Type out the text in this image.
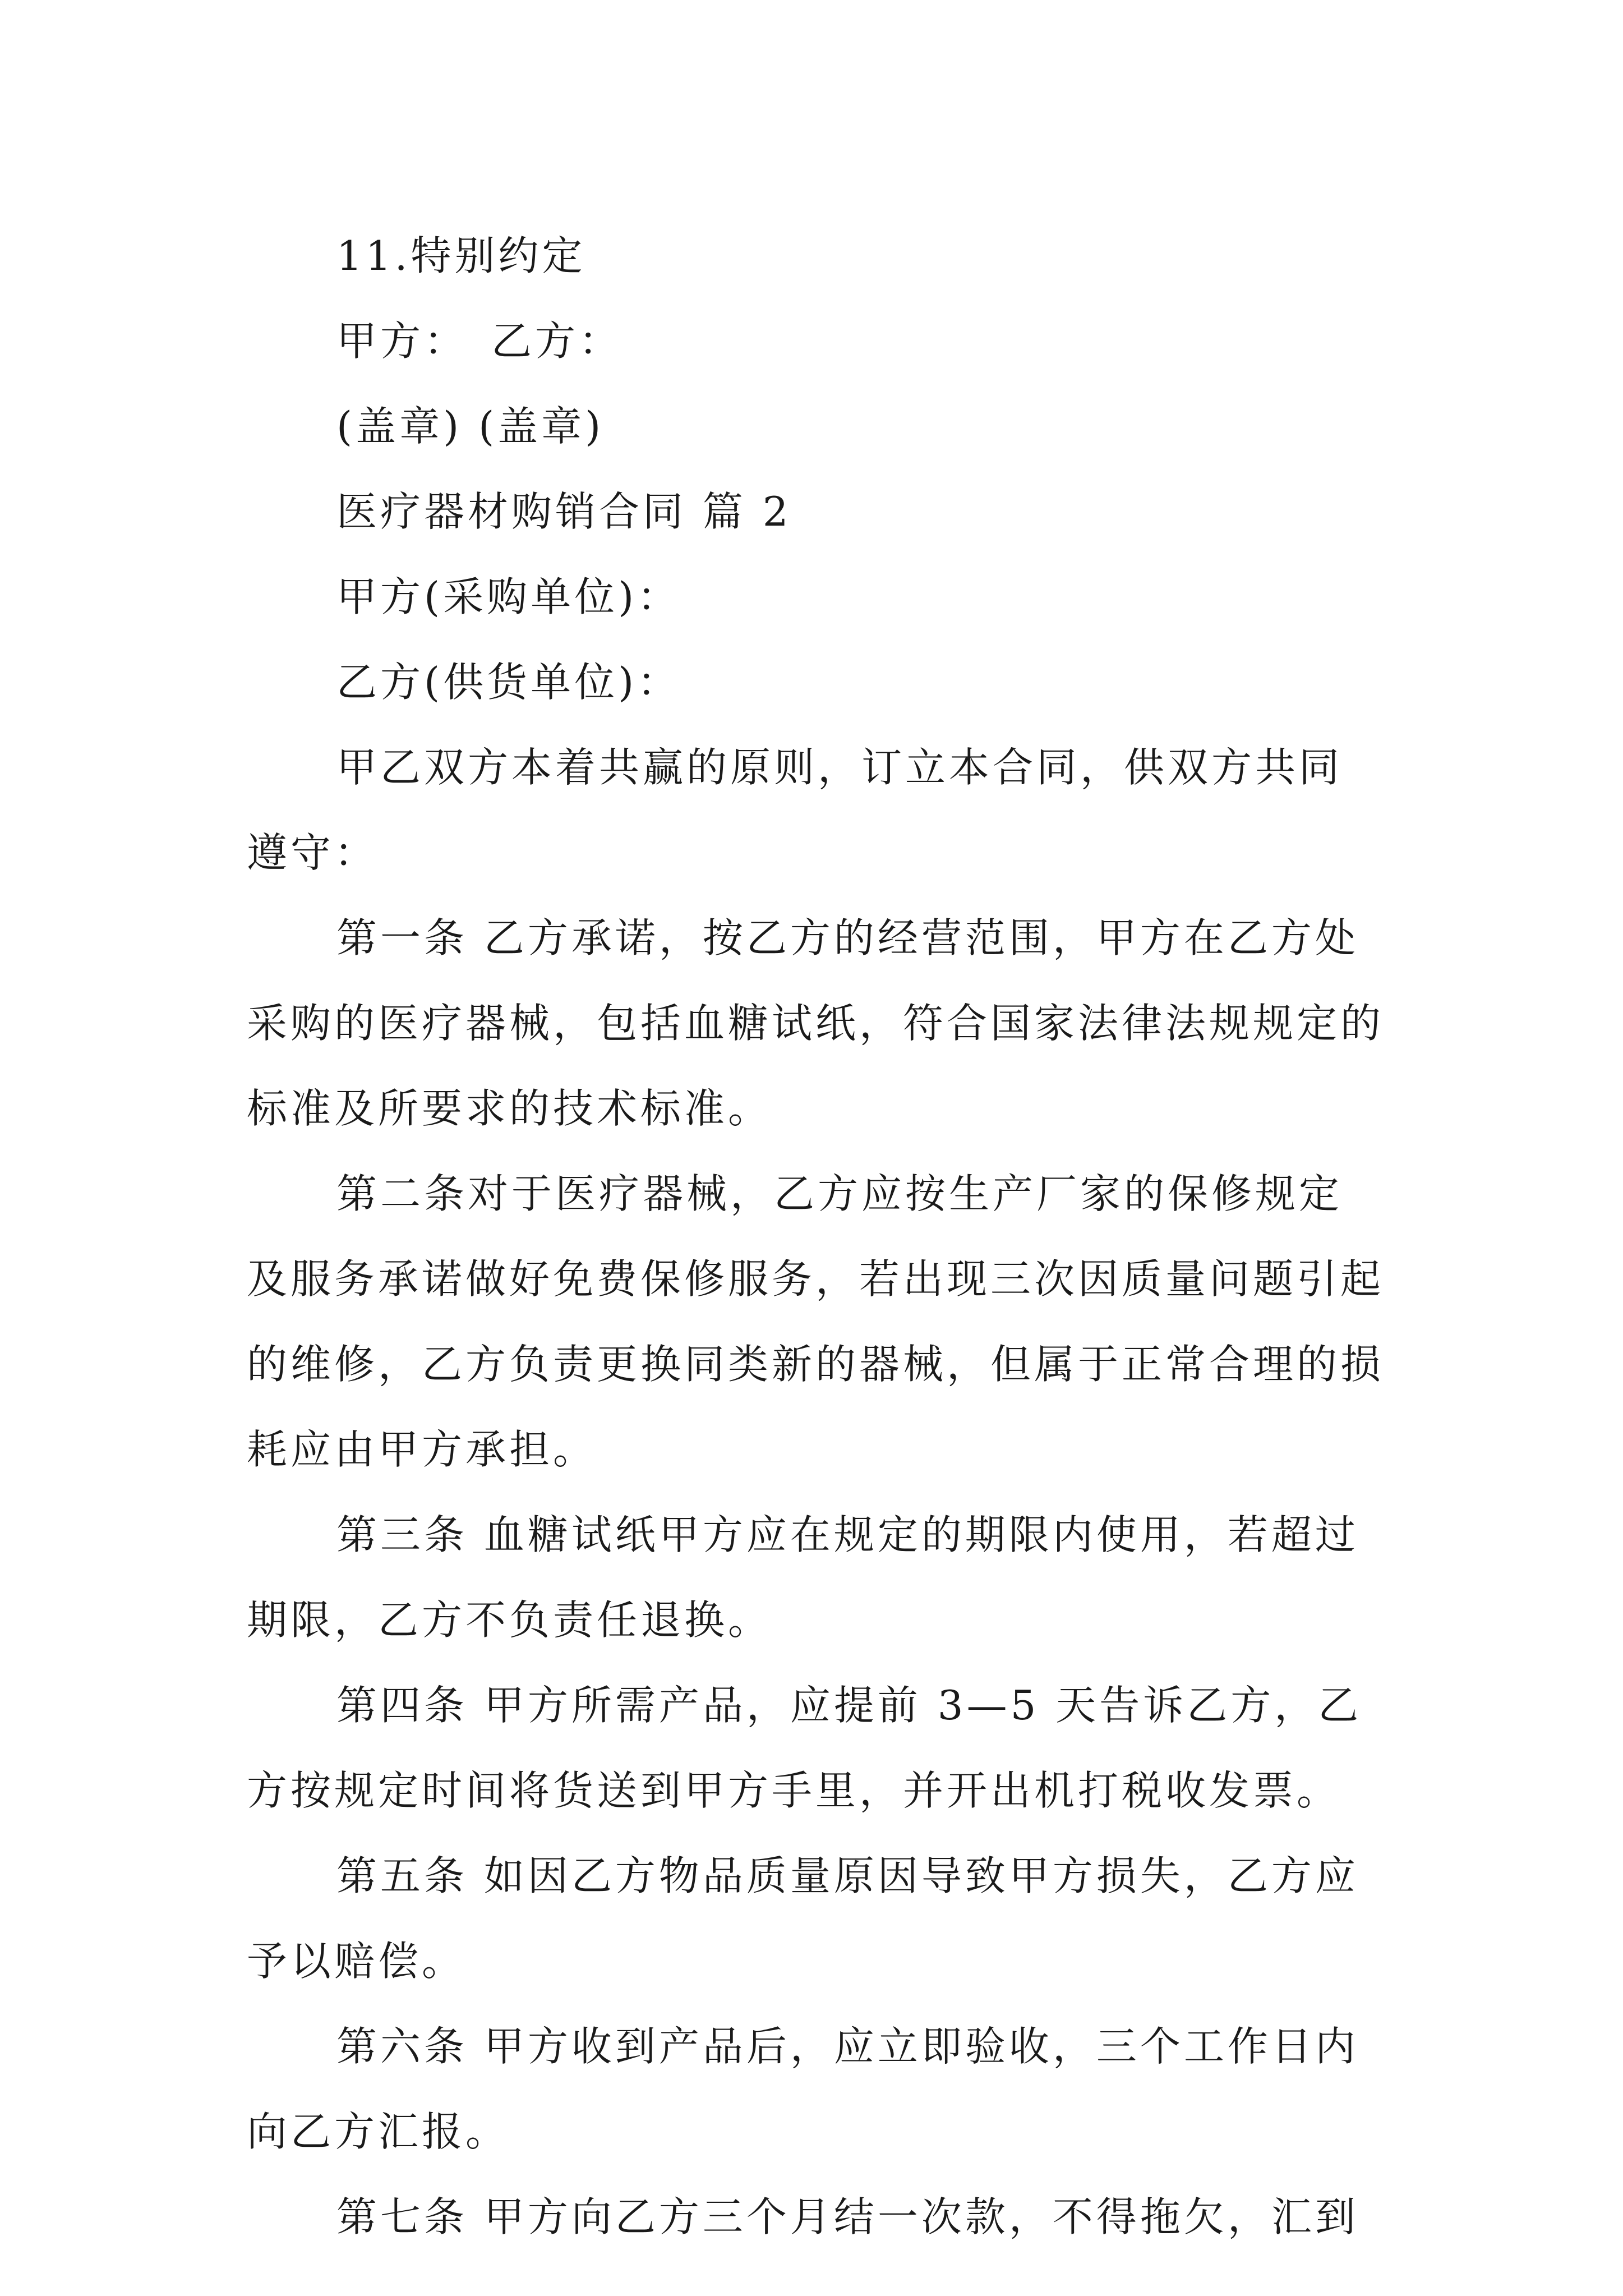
11.特别约定

甲方：　乙方：

(盖章) (盖章)

医疗器材购销合同 篇 2

甲方(采购单位)：

乙方(供货单位)：

甲乙双方本着共赢的原则，订立本合同，供双方共同遵守：

第一条 乙方承诺，按乙方的经营范围，甲方在乙方处采购的医疗器械，包括血糖试纸，符合国家法律法规规定的标准及所要求的技术标准。

第二条对于医疗器械，乙方应按生产厂家的保修规定及服务承诺做好免费保修服务，若出现三次因质量问题引起的维修，乙方负责更换同类新的器械，但属于正常合理的损耗应由甲方承担。

第三条 血糖试纸甲方应在规定的期限内使用，若超过期限，乙方不负责任退换。

第四条 甲方所需产品，应提前 3—5 天告诉乙方，乙方按规定时间将货送到甲方手里，并开出机打税收发票。

第五条 如因乙方物品质量原因导致甲方损失，乙方应予以赔偿。

第六条 甲方收到产品后，应立即验收，三个工作日内向乙方汇报。

第七条 甲方向乙方三个月结一次款，不得拖欠，汇到
